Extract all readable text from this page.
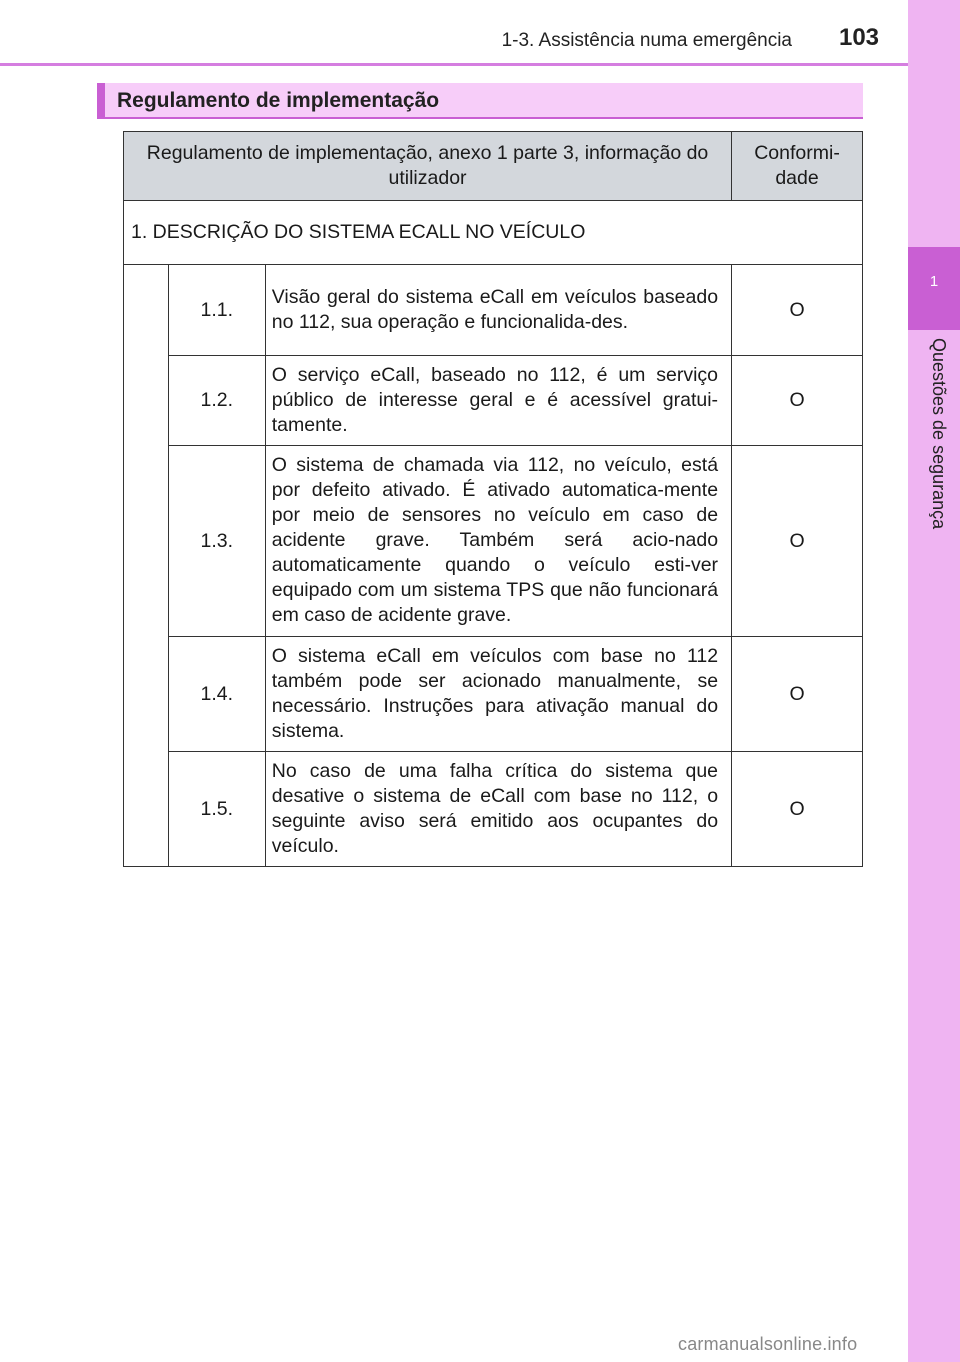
1-3. Assistência numa emergência	103
1
Questões de segurança
Regulamento de implementação
Regulamento de implementação, anexo 1 parte 3, informação do utilizador			Conformi-
dade
1. DESCRIÇÃO DO SISTEMA ECALL NO VEÍCULO			
	1.1.	Visão geral do sistema eCall em veículos baseado no 112, sua operação e funcionalida-des.	O
	1.2.	O serviço eCall, baseado no 112, é um serviço público de interesse geral e é acessível gratui-tamente.	O
	1.3.	O sistema de chamada via 112, no veículo, está por defeito ativado. É ativado automatica-mente por meio de sensores no veículo em caso de acidente grave. Também será acio-nado automaticamente quando o veículo esti-ver equipado com um sistema TPS que não funcionará em caso de acidente grave.	O
	1.4.	O sistema eCall em veículos com base no 112 também pode ser acionado manualmente, se necessário. Instruções para ativação manual do sistema.	O
	1.5.	No caso de uma falha crítica do sistema que desative o sistema de eCall com base no 112, o seguinte aviso será emitido aos ocupantes do veículo.	O
carmanualsonline.info
